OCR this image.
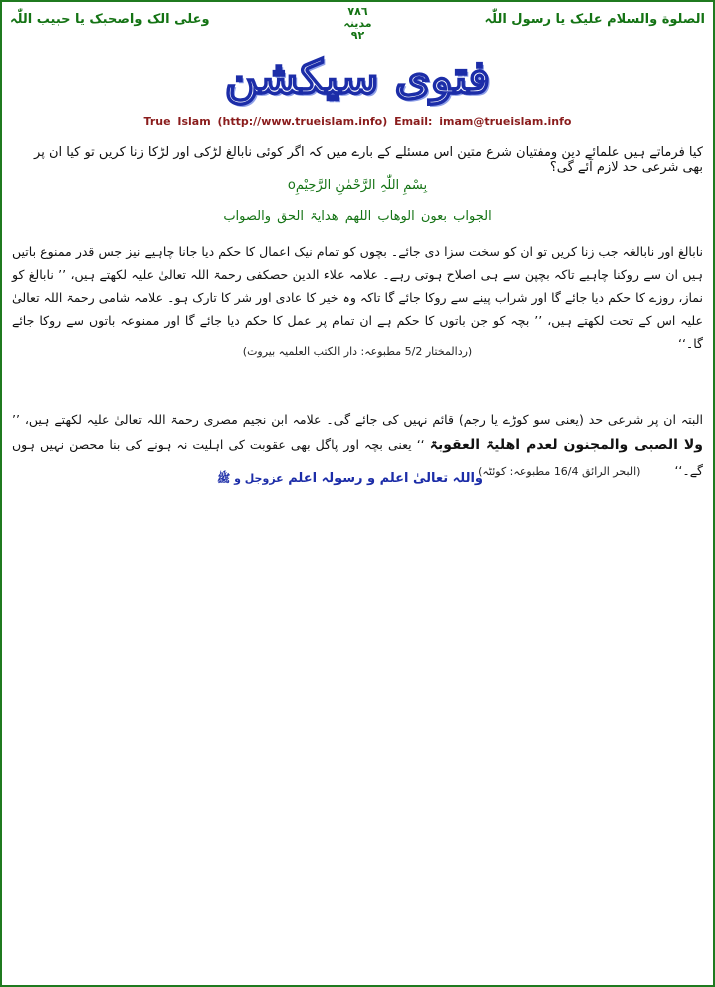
الصلوة والسلام علیک یا رسول اللّٰہ
وعلی الک واصحبک یا حبیب اللّٰہ
۷۸٦
مدینہ
۹۲
فتوی سیکشن
True Islam (http://www.trueislam.info) Email: imam@trueislam.info
کیا فرماتے ہیں علمائے دین ومفتیان شرع متین اس مسئلے کے بارے میں کہ اگر کوئی نابالغ لڑکی اور لڑکا زنا کریں تو کیا ان پر بھی شرعی حد لازم آئے گی؟
بِسْمِ اللّٰہِ الرَّحْمٰنِ الرَّحِیْمِo
الجواب بعون الوھاب اللھم ھدایۃ الحق والصواب
نابالغ اور نابالغہ جب زنا کریں تو ان کو سخت سزا دی جائے۔ بچوں کو تمام نیک اعمال کا حکم دیا جانا چاہیے نیز جس قدر ممنوع باتیں ہیں ان سے روکنا چاہیے تاکہ بچپن سے ہی اصلاح ہوتی رہے۔ علامہ علاء الدین حصکفی رحمۃ اللہ تعالیٰ علیہ لکھتے ہیں، ’’ نابالغ کو نماز، روزے کا حکم دیا جائے گا اور شراب پینے سے روکا جائے گا تاکہ وہ خیر کا عادی اور شر کا تارک ہو۔ علامہ شامی رحمۃ اللہ تعالیٰ علیہ اس کے تحت لکھتے ہیں، ’’ بچہ کو جن باتوں کا حکم ہے ان تمام پر عمل کا حکم دیا جائے گا اور ممنوعہ باتوں سے روکا جائے گا۔‘‘
(ردالمختار 5/2 مطبوعہ: دار الکتب العلمیہ بیروت)
البتہ ان پر شرعی حد (یعنی سو کوڑے یا رجم) قائم نہیں کی جائے گی۔ علامہ ابن نجیم مصری رحمۃ اللہ تعالیٰ علیہ لکھتے ہیں، ’’ ولا الصبی والمجنون لعدم اھلیۃ العقوبۃ ‘‘ یعنی بچہ اور پاگل بھی عقوبت کی اہلیت نہ ہونے کی بنا محصن نہیں ہوں گے۔‘‘ (البحر الرائق 16/4 مطبوعہ: کوئٹہ)
واللہ تعالیٰ اعلم و رسولہ اعلم عزوجل و ﷺ
